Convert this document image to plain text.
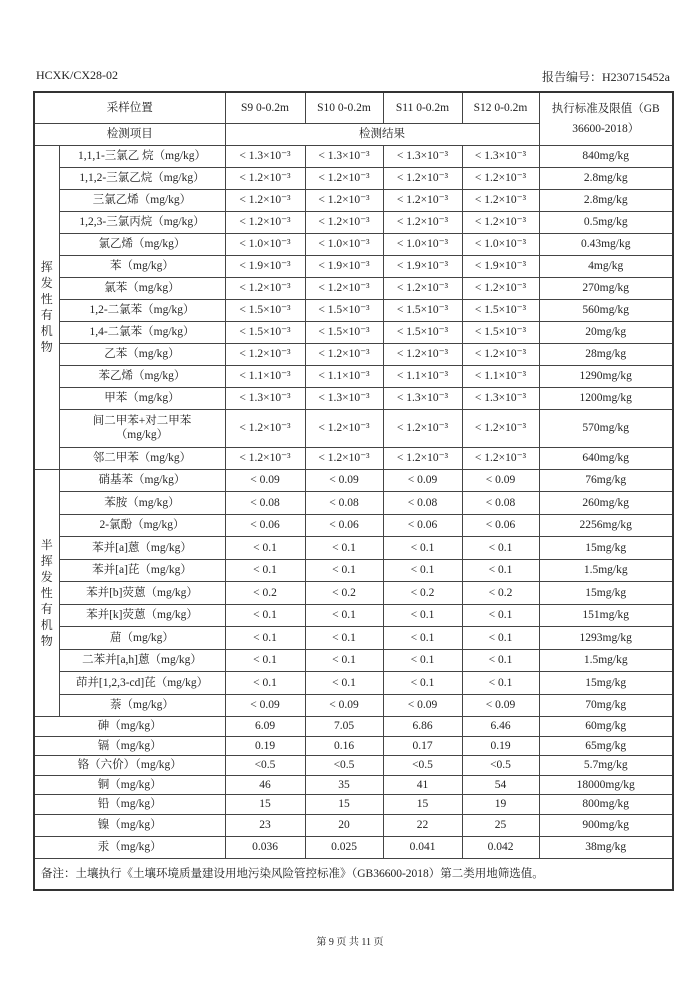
HCXK/CX28-02	报告编号：H230715452a
采样位置		S9 0-0.2m	S10 0-0.2m	S11 0-0.2m	S12 0-0.2m	执行标准及限值（GB 36600-2018）
检测项目		检测结果				
挥发性有机物	1,1,1-三氯乙 烷（mg/kg）	< 1.3×10⁻³	< 1.3×10⁻³	< 1.3×10⁻³	< 1.3×10⁻³	840mg/kg
	1,1,2-三氯乙烷（mg/kg）	< 1.2×10⁻³	< 1.2×10⁻³	< 1.2×10⁻³	< 1.2×10⁻³	2.8mg/kg
	三氯乙烯（mg/kg）	< 1.2×10⁻³	< 1.2×10⁻³	< 1.2×10⁻³	< 1.2×10⁻³	2.8mg/kg
	1,2,3-三氯丙烷（mg/kg）	< 1.2×10⁻³	< 1.2×10⁻³	< 1.2×10⁻³	< 1.2×10⁻³	0.5mg/kg
	氯乙烯（mg/kg）	< 1.0×10⁻³	< 1.0×10⁻³	< 1.0×10⁻³	< 1.0×10⁻³	0.43mg/kg
	苯（mg/kg）	< 1.9×10⁻³	< 1.9×10⁻³	< 1.9×10⁻³	< 1.9×10⁻³	4mg/kg
	氯苯（mg/kg）	< 1.2×10⁻³	< 1.2×10⁻³	< 1.2×10⁻³	< 1.2×10⁻³	270mg/kg
	1,2-二氯苯（mg/kg）	< 1.5×10⁻³	< 1.5×10⁻³	< 1.5×10⁻³	< 1.5×10⁻³	560mg/kg
	1,4-二氯苯（mg/kg）	< 1.5×10⁻³	< 1.5×10⁻³	< 1.5×10⁻³	< 1.5×10⁻³	20mg/kg
	乙苯（mg/kg）	< 1.2×10⁻³	< 1.2×10⁻³	< 1.2×10⁻³	< 1.2×10⁻³	28mg/kg
	苯乙烯（mg/kg）	< 1.1×10⁻³	< 1.1×10⁻³	< 1.1×10⁻³	< 1.1×10⁻³	1290mg/kg
	甲苯（mg/kg）	< 1.3×10⁻³	< 1.3×10⁻³	< 1.3×10⁻³	< 1.3×10⁻³	1200mg/kg
	间二甲苯+对二甲苯（mg/kg）	< 1.2×10⁻³	< 1.2×10⁻³	< 1.2×10⁻³	< 1.2×10⁻³	570mg/kg
	邻二甲苯（mg/kg）	< 1.2×10⁻³	< 1.2×10⁻³	< 1.2×10⁻³	< 1.2×10⁻³	640mg/kg
半挥发性有机物	硝基苯（mg/kg）	< 0.09	< 0.09	< 0.09	< 0.09	76mg/kg
	苯胺（mg/kg）	< 0.08	< 0.08	< 0.08	< 0.08	260mg/kg
	2-氯酚（mg/kg）	< 0.06	< 0.06	< 0.06	< 0.06	2256mg/kg
	苯并[a]蒽（mg/kg）	< 0.1	< 0.1	< 0.1	< 0.1	15mg/kg
	苯并[a]芘（mg/kg）	< 0.1	< 0.1	< 0.1	< 0.1	1.5mg/kg
	苯并[b]荧蒽（mg/kg）	< 0.2	< 0.2	< 0.2	< 0.2	15mg/kg
	苯并[k]荧蒽（mg/kg）	< 0.1	< 0.1	< 0.1	< 0.1	151mg/kg
	䓛（mg/kg）	< 0.1	< 0.1	< 0.1	< 0.1	1293mg/kg
	二苯并[a,h]蒽（mg/kg）	< 0.1	< 0.1	< 0.1	< 0.1	1.5mg/kg
	茚并[1,2,3-cd]芘（mg/kg）	< 0.1	< 0.1	< 0.1	< 0.1	15mg/kg
	萘（mg/kg）	< 0.09	< 0.09	< 0.09	< 0.09	70mg/kg
砷（mg/kg）		6.09	7.05	6.86	6.46	60mg/kg
镉（mg/kg）		0.19	0.16	0.17	0.19	65mg/kg
铬（六价）（mg/kg）		<0.5	<0.5	<0.5	<0.5	5.7mg/kg
铜（mg/kg）		46	35	41	54	18000mg/kg
铅（mg/kg）		15	15	15	19	800mg/kg
镍（mg/kg）		23	20	22	25	900mg/kg
汞（mg/kg）		0.036	0.025	0.041	0.042	38mg/kg
备注：土壤执行《土壤环境质量建设用地污染风险管控标准》（GB36600-2018）第二类用地筛选值。						
第 9 页 共 11 页
